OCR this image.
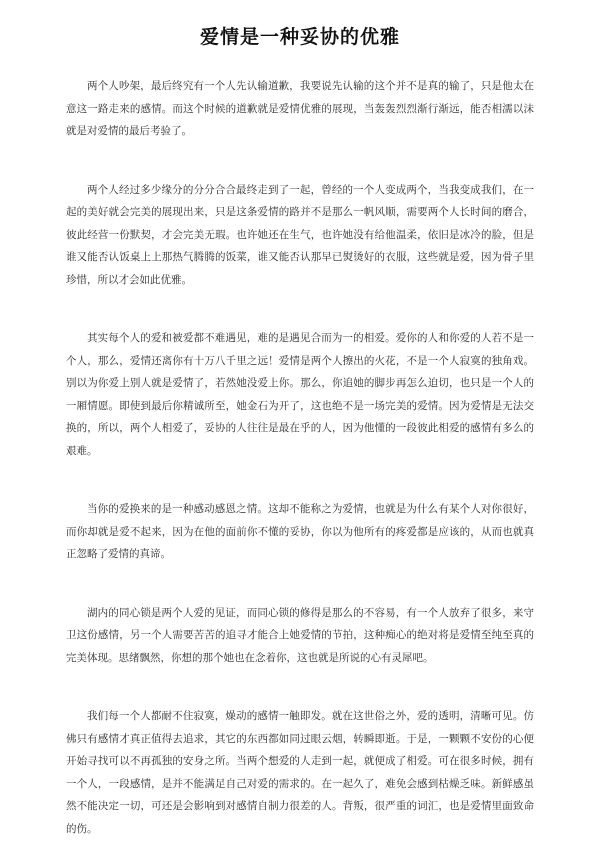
爱情是一种妥协的优雅

两个人吵架，最后终究有一个人先认输道歉，我要说先认输的这个并不是真的输了，只是他太在意这一路走来的感情。而这个时候的道歉就是爱情优雅的展现，当轰轰烈烈渐行渐远，能否相濡以沫就是对爱情的最后考验了。

两个人经过多少缘分的分分合合最终走到了一起，曾经的一个人变成两个，当我变成我们，在一起的美好就会完美的展现出来，只是这条爱情的路并不是那么一帆风顺，需要两个人长时间的磨合，彼此经营一份默契，才会完美无瑕。也许她还在生气，也许她没有给他温柔，依旧是冰冷的脸，但是谁又能否认饭桌上上那热气腾腾的饭菜，谁又能否认那早已熨烫好的衣服，这些就是爱，因为骨子里珍惜，所以才会如此优雅。

其实每个人的爱和被爱都不难遇见，难的是遇见合而为一的相爱。爱你的人和你爱的人若不是一个人，那么，爱情还离你有十万八千里之远！爱情是两个人擦出的火花，不是一个人寂寞的独角戏。别以为你爱上别人就是爱情了，若然她没爱上你。那么，你追她的脚步再怎么迫切，也只是一个人的一厢情愿。即使到最后你精诚所至，她金石为开了，这也绝不是一场完美的爱情。因为爱情是无法交换的，所以，两个人相爱了，妥协的人往往是最在乎的人，因为他懂的一段彼此相爱的感情有多么的艰难。

当你的爱换来的是一种感动感恩之情。这却不能称之为爱情，也就是为什么有某个人对你很好，而你却就是爱不起来，因为在他的面前你不懂的妥协，你以为他所有的疼爱都是应该的，从而也就真正忽略了爱情的真谛。

湖内的同心锁是两个人爱的见证，而同心锁的修得是那么的不容易，有一个人放弃了很多，来守卫这份感情，另一个人需要苦苦的追寻才能合上她爱情的节拍，这种痴心的绝对将是爱情至纯至真的完美体现。思绪飘然，你想的那个她也在念着你，这也就是所说的心有灵犀吧。

我们每一个人都耐不住寂寞，燥动的感情一触即发。就在这世俗之外，爱的透明，清晰可见。仿佛只有感情才真正值得去追求，其它的东西都如同过眼云烟，转瞬即逝。于是，一颗颗不安份的心便开始寻找可以不再孤独的安身之所。当两个想爱的人走到一起，就便成了相爱。可在很多时候，拥有一个人，一段感情，是并不能满足自己对爱的需求的。在一起久了，难免会感到枯燥乏味。新鲜感虽然不能决定一切，可还是会影响到对感情自制力很差的人。背叛，很严重的词汇，也是爱情里面致命的伤。
